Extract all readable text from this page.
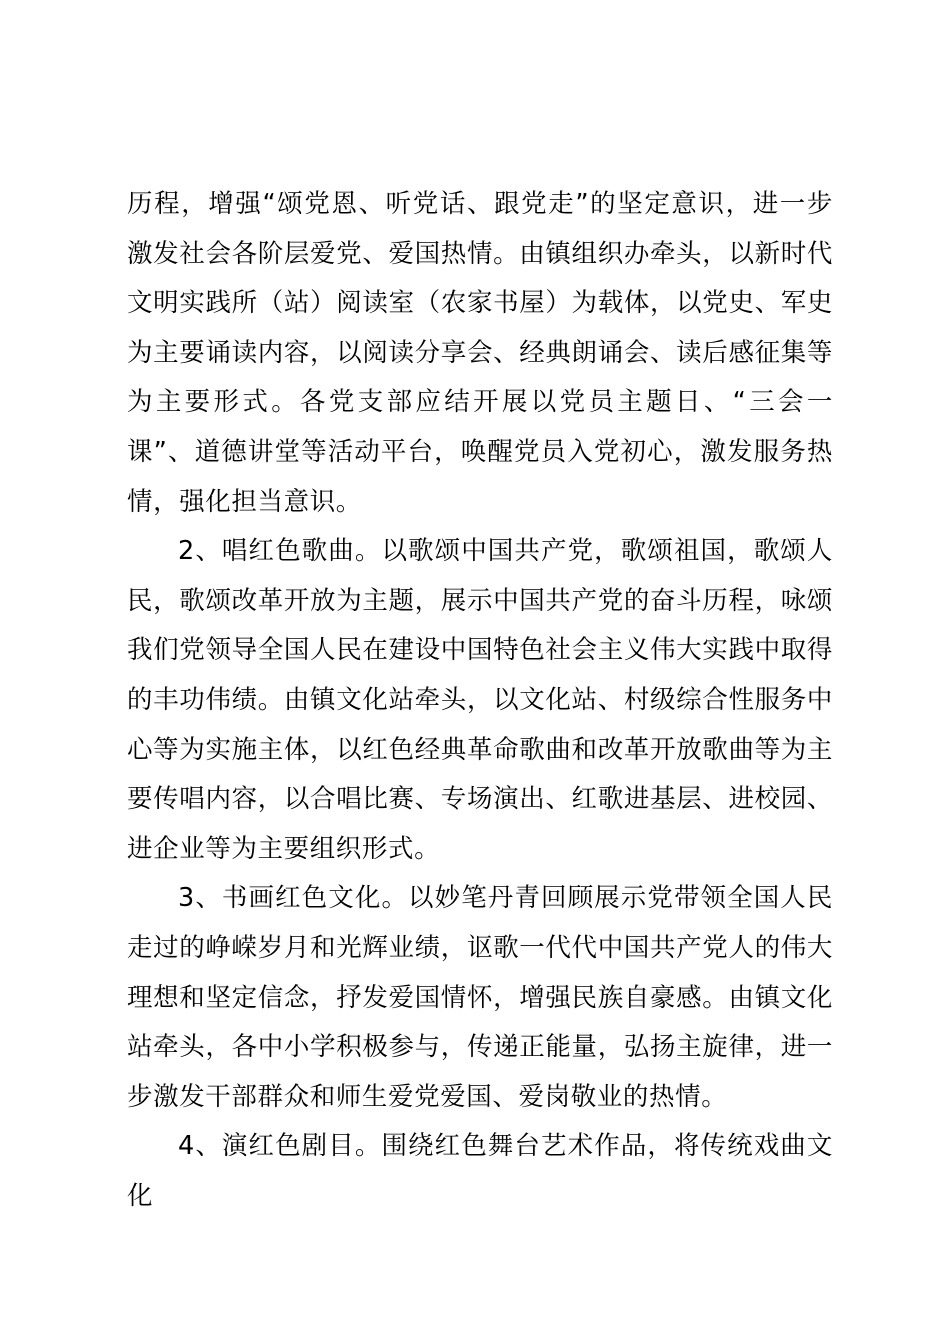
历程，增强“颂党恩、听党话、跟党走”的坚定意识，进一步激发社会各阶层爱党、爱国热情。由镇组织办牵头，以新时代文明实践所（站）阅读室（农家书屋）为载体，以党史、军史为主要诵读内容，以阅读分享会、经典朗诵会、读后感征集等为主要形式。各党支部应结开展以党员主题日、“三会一课”、道德讲堂等活动平台，唤醒党员入党初心，激发服务热情，强化担当意识。

2、唱红色歌曲。以歌颂中国共产党，歌颂祖国，歌颂人民，歌颂改革开放为主题，展示中国共产党的奋斗历程，咏颂我们党领导全国人民在建设中国特色社会主义伟大实践中取得的丰功伟绩。由镇文化站牵头，以文化站、村级综合性服务中心等为实施主体，以红色经典革命歌曲和改革开放歌曲等为主要传唱内容，以合唱比赛、专场演出、红歌进基层、进校园、进企业等为主要组织形式。

3、书画红色文化。以妙笔丹青回顾展示党带领全国人民走过的峥嵘岁月和光辉业绩，讴歌一代代中国共产党人的伟大理想和坚定信念，抒发爱国情怀，增强民族自豪感。由镇文化站牵头，各中小学积极参与，传递正能量，弘扬主旋律，进一步激发干部群众和师生爱党爱国、爱岗敬业的热情。

4、演红色剧目。围绕红色舞台艺术作品，将传统戏曲文化
